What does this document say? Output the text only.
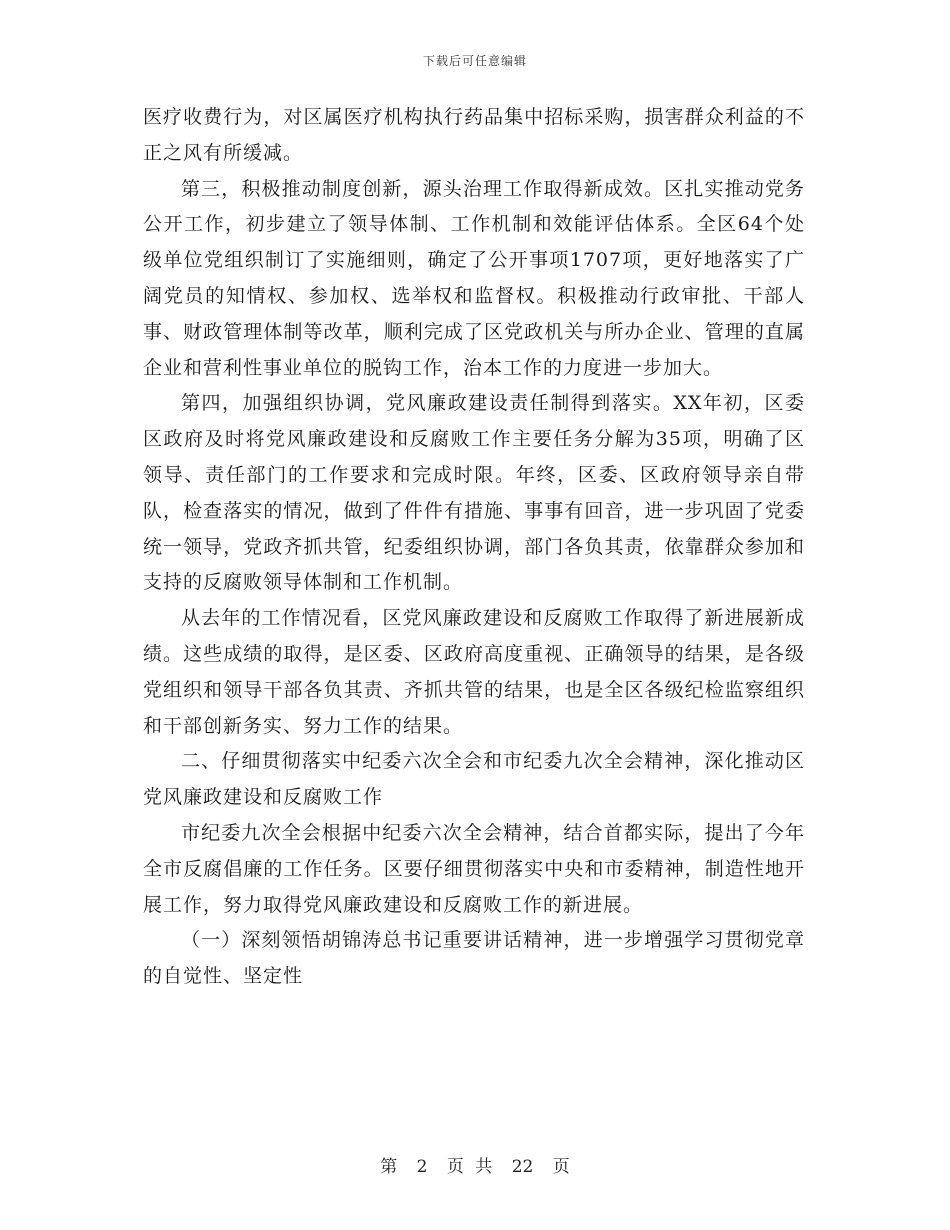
下载后可任意编辑

医疗收费行为，对区属医疗机构执行药品集中招标采购，损害群众利益的不正之风有所缓减。

第三，积极推动制度创新，源头治理工作取得新成效。区扎实推动党务公开工作，初步建立了领导体制、工作机制和效能评估体系。全区64个处级单位党组织制订了实施细则，确定了公开事项1707项，更好地落实了广阔党员的知情权、参加权、选举权和监督权。积极推动行政审批、干部人事、财政管理体制等改革，顺利完成了区党政机关与所办企业、管理的直属企业和营利性事业单位的脱钩工作，治本工作的力度进一步加大。

第四，加强组织协调，党风廉政建设责任制得到落实。XX年初，区委区政府及时将党风廉政建设和反腐败工作主要任务分解为35项，明确了区领导、责任部门的工作要求和完成时限。年终，区委、区政府领导亲自带队，检查落实的情况，做到了件件有措施、事事有回音，进一步巩固了党委统一领导，党政齐抓共管，纪委组织协调，部门各负其责，依靠群众参加和支持的反腐败领导体制和工作机制。

从去年的工作情况看，区党风廉政建设和反腐败工作取得了新进展新成绩。这些成绩的取得，是区委、区政府高度重视、正确领导的结果，是各级党组织和领导干部各负其责、齐抓共管的结果，也是全区各级纪检监察组织和干部创新务实、努力工作的结果。

二、仔细贯彻落实中纪委六次全会和市纪委九次全会精神，深化推动区党风廉政建设和反腐败工作

市纪委九次全会根据中纪委六次全会精神，结合首都实际，提出了今年全市反腐倡廉的工作任务。区要仔细贯彻落实中央和市委精神，制造性地开展工作，努力取得党风廉政建设和反腐败工作的新进展。

（一）深刻领悟胡锦涛总书记重要讲话精神，进一步增强学习贯彻党章的自觉性、坚定性

第 2 页 共 22 页
